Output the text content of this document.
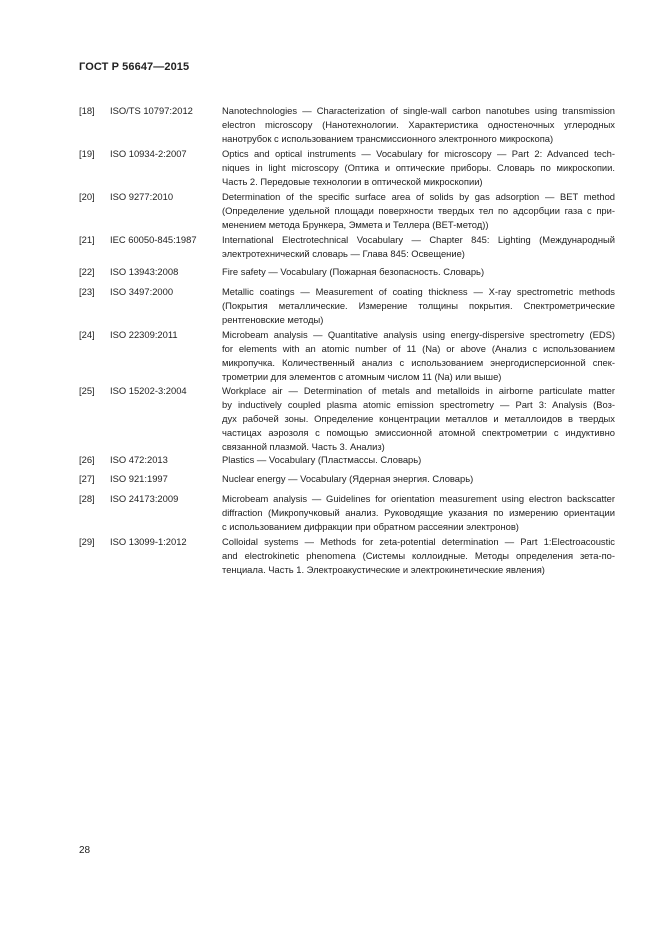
ГОСТ Р 56647—2015
[18] ISO/TS 10797:2012	Nanotechnologies — Characterization of single-wall carbon nanotubes using transmission
electron microscopy (Нанотехнологии. Характеристика одностеночных углеродных
нанотрубок с использованием трансмиссионного электронного микроскопа)
[19] ISO 10934-2:2007	Optics and optical instruments — Vocabulary for microscopy — Part 2: Advanced tech-
niques in light microscopy (Оптика и оптические приборы. Словарь по микроскопии.
Часть 2. Передовые технологии в оптической микроскопии)
[20] ISO 9277:2010	Determination of the specific surface area of solids by gas adsorption — BET method
(Определение удельной площади поверхности твердых тел по адсорбции газа с при-
менением метода Брункера, Эммета и Теллера (BET-метод))
[21] IEC 60050-845:1987	International Electrotechnical Vocabulary — Chapter 845: Lighting (Международный
электротехнический словарь — Глава 845: Освещение)
[22] ISO 13943:2008	Fire safety — Vocabulary (Пожарная безопасность. Словарь)
[23] ISO 3497:2000	Metallic coatings — Measurement of coating thickness — X-ray spectrometric methods
(Покрытия металлические. Измерение толщины покрытия. Спектрометрические
рентгеновские методы)
[24] ISO 22309:2011	Microbeam analysis — Quantitative analysis using energy-dispersive spectrometry (EDS)
for elements with an atomic number of 11 (Na) or above (Анализ с использованием
микропучка. Количественный анализ с использованием энергодисперсионной спек-
трометрии для элементов с атомным числом 11 (Na) или выше)
[25] ISO 15202-3:2004	Workplace air — Determination of metals and metalloids in airborne particulate matter
by inductively coupled plasma atomic emission spectrometry — Part 3: Analysis (Воз-
дух рабочей зоны. Определение концентрации металлов и металлоидов в твердых
частицах аэрозоля с помощью эмиссионной атомной спектрометрии с индуктивно
связанной плазмой. Часть 3. Анализ)
[26] ISO 472:2013	Plastics — Vocabulary (Пластмассы. Словарь)
[27] ISO 921:1997	Nuclear energy — Vocabulary (Ядерная энергия. Словарь)
[28] ISO 24173:2009	Microbeam analysis — Guidelines for orientation measurement using electron backscatter
diffraction (Микропучковый анализ. Руководящие указания по измерению ориентации
с использованием дифракции при обратном рассеянии электронов)
[29] ISO 13099-1:2012	Colloidal systems — Methods for zeta-potential determination — Part 1:Electroacoustic
and electrokinetic phenomena (Системы коллоидные. Методы определения зета-по-
тенциала. Часть 1. Электроакустические и электрокинетические явления)
28
